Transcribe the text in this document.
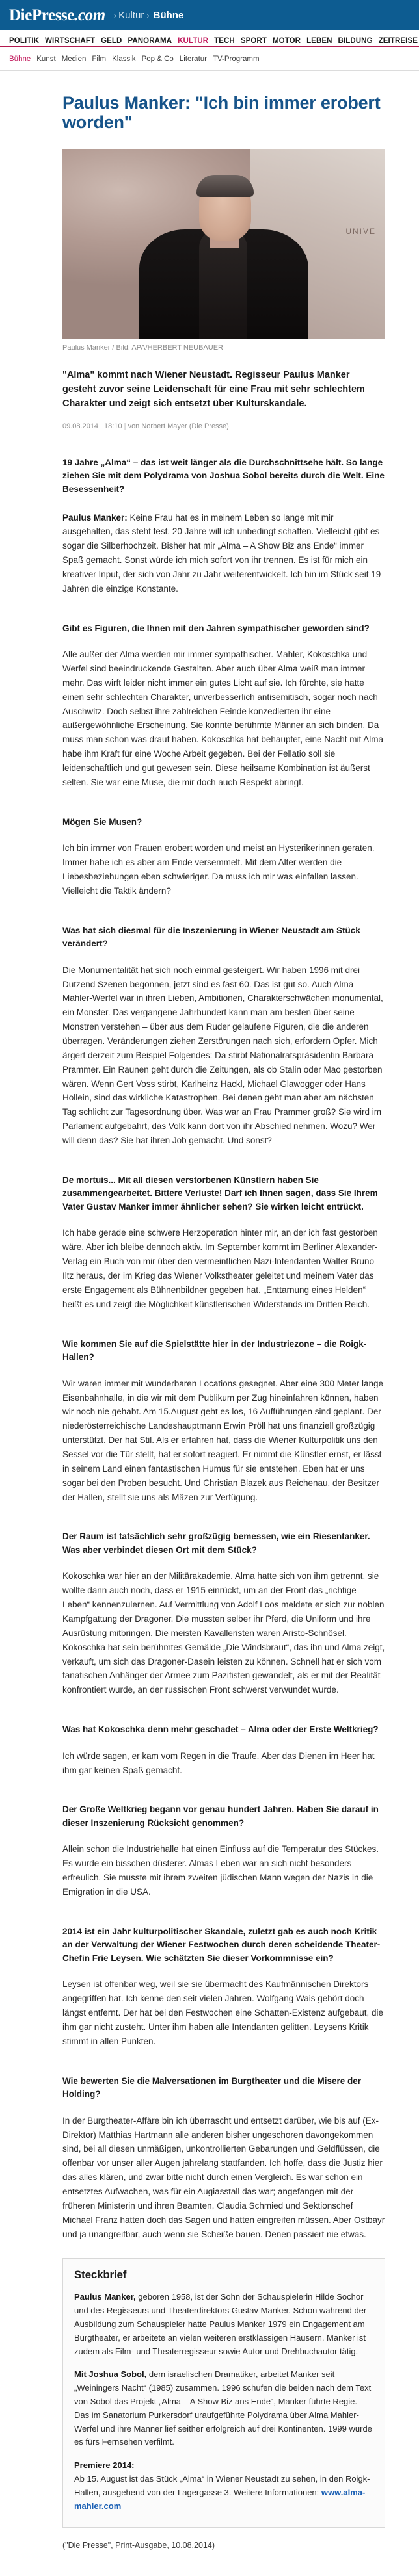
DiePresse.com › Kultur › Bühne
POLITIK WIRTSCHAFT GELD PANORAMA KULTUR TECH SPORT MOTOR LEBEN BILDUNG ZEITREISE
Bühne Kunst Medien Film Klassik Pop & Co Literatur TV-Programm
Paulus Manker: "Ich bin immer erobert worden"
UNIVE
Paulus Manker / Bild: APA/HERBERT NEUBAUER

"Alma" kommt nach Wiener Neustadt. Regisseur Paulus Manker gesteht zuvor seine Leidenschaft für eine Frau mit sehr schlechtem Charakter und zeigt sich entsetzt über Kulturskandale.

09.08.2014 | 18:10 | von Norbert Mayer (Die Presse)

19 Jahre „Alma“ – das ist weit länger als die Durchschnittsehe hält. So lange ziehen Sie mit dem Polydrama von Joshua Sobol bereits durch die Welt. Eine Besessenheit?

Paulus Manker: Keine Frau hat es in meinem Leben so lange mit mir ausgehalten, das steht fest. 20 Jahre will ich unbedingt schaffen. Vielleicht gibt es sogar die Silberhochzeit. Bisher hat mir „Alma – A Show Biz ans Ende“ immer Spaß gemacht. Sonst würde ich mich sofort von ihr trennen. Es ist für mich ein kreativer Input, der sich von Jahr zu Jahr weiterentwickelt. Ich bin im Stück seit 19 Jahren die einzige Konstante.

Gibt es Figuren, die Ihnen mit den Jahren sympathischer geworden sind?

Alle außer der Alma werden mir immer sympathischer. Mahler, Kokoschka und Werfel sind beeindruckende Gestalten. Aber auch über Alma weiß man immer mehr. Das wirft leider nicht immer ein gutes Licht auf sie. Ich fürchte, sie hatte einen sehr schlechten Charakter, unverbesserlich antisemitisch, sogar noch nach Auschwitz. Doch selbst ihre zahlreichen Feinde konzedierten ihr eine außergewöhnliche Erscheinung. Sie konnte berühmte Männer an sich binden. Da muss man schon was drauf haben. Kokoschka hat behauptet, eine Nacht mit Alma habe ihm Kraft für eine Woche Arbeit gegeben. Bei der Fellatio soll sie leidenschaftlich und gut gewesen sein. Diese heilsame Kombination ist äußerst selten. Sie war eine Muse, die mir doch auch Respekt abringt.

Mögen Sie Musen?

Ich bin immer von Frauen erobert worden und meist an Hysterikerinnen geraten. Immer habe ich es aber am Ende versemmelt. Mit dem Alter werden die Liebesbeziehungen eben schwieriger. Da muss ich mir was einfallen lassen. Vielleicht die Taktik ändern?

Was hat sich diesmal für die Inszenierung in Wiener Neustadt am Stück verändert?

Die Monumentalität hat sich noch einmal gesteigert. Wir haben 1996 mit drei Dutzend Szenen begonnen, jetzt sind es fast 60. Das ist gut so. Auch Alma Mahler-Werfel war in ihren Lieben, Ambitionen, Charakterschwächen monumental, ein Monster. Das vergangene Jahrhundert kann man am besten über seine Monstren verstehen – über aus dem Ruder gelaufene Figuren, die die anderen überragen. Veränderungen ziehen Zerstörungen nach sich, erfordern Opfer. Mich ärgert derzeit zum Beispiel Folgendes: Da stirbt Nationalratspräsidentin Barbara Prammer. Ein Raunen geht durch die Zeitungen, als ob Stalin oder Mao gestorben wären. Wenn Gert Voss stirbt, Karlheinz Hackl, Michael Glawogger oder Hans Hollein, sind das wirkliche Katastrophen. Bei denen geht man aber am nächsten Tag schlicht zur Tagesordnung über. Was war an Frau Prammer groß? Sie wird im Parlament aufgebahrt, das Volk kann dort von ihr Abschied nehmen. Wozu? Wer will denn das? Sie hat ihren Job gemacht. Und sonst?

De mortuis... Mit all diesen verstorbenen Künstlern haben Sie zusammengearbeitet. Bittere Verluste! Darf ich Ihnen sagen, dass Sie Ihrem Vater Gustav Manker immer ähnlicher sehen? Sie wirken leicht entrückt.

Ich habe gerade eine schwere Herzoperation hinter mir, an der ich fast gestorben wäre. Aber ich bleibe dennoch aktiv. Im September kommt im Berliner Alexander-Verlag ein Buch von mir über den vermeintlichen Nazi-Intendanten Walter Bruno Iltz heraus, der im Krieg das Wiener Volkstheater geleitet und meinem Vater das erste Engagement als Bühnenbildner gegeben hat. „Enttarnung eines Helden“ heißt es und zeigt die Möglichkeit künstlerischen Widerstands im Dritten Reich.

Wie kommen Sie auf die Spielstätte hier in der Industriezone – die Roigk-Hallen?

Wir waren immer mit wunderbaren Locations gesegnet. Aber eine 300 Meter lange Eisenbahnhalle, in die wir mit dem Publikum per Zug hineinfahren können, haben wir noch nie gehabt. Am 15.August geht es los, 16 Aufführungen sind geplant. Der niederösterreichische Landeshauptmann Erwin Pröll hat uns finanziell großzügig unterstützt. Der hat Stil. Als er erfahren hat, dass die Wiener Kulturpolitik uns den Sessel vor die Tür stellt, hat er sofort reagiert. Er nimmt die Künstler ernst, er lässt in seinem Land einen fantastischen Humus für sie entstehen. Eben hat er uns sogar bei den Proben besucht. Und Christian Blazek aus Reichenau, der Besitzer der Hallen, stellt sie uns als Mäzen zur Verfügung.

Der Raum ist tatsächlich sehr großzügig bemessen, wie ein Riesentanker. Was aber verbindet diesen Ort mit dem Stück?

Kokoschka war hier an der Militärakademie. Alma hatte sich von ihm getrennt, sie wollte dann auch noch, dass er 1915 einrückt, um an der Front das „richtige Leben“ kennenzulernen. Auf Vermittlung von Adolf Loos meldete er sich zur noblen Kampfgattung der Dragoner. Die mussten selber ihr Pferd, die Uniform und ihre Ausrüstung mitbringen. Die meisten Kavalleristen waren Aristo-Schnösel. Kokoschka hat sein berühmtes Gemälde „Die Windsbraut“, das ihn und Alma zeigt, verkauft, um sich das Dragoner-Dasein leisten zu können. Schnell hat er sich vom fanatischen Anhänger der Armee zum Pazifisten gewandelt, als er mit der Realität konfrontiert wurde, an der russischen Front schwerst verwundet wurde.

Was hat Kokoschka denn mehr geschadet – Alma oder der Erste Weltkrieg?

Ich würde sagen, er kam vom Regen in die Traufe. Aber das Dienen im Heer hat ihm gar keinen Spaß gemacht.

Der Große Weltkrieg begann vor genau hundert Jahren. Haben Sie darauf in dieser Inszenierung Rücksicht genommen?

Allein schon die Industriehalle hat einen Einfluss auf die Temperatur des Stückes. Es wurde ein bisschen düsterer. Almas Leben war an sich nicht besonders erfreulich. Sie musste mit ihrem zweiten jüdischen Mann wegen der Nazis in die Emigration in die USA.

2014 ist ein Jahr kulturpolitischer Skandale, zuletzt gab es auch noch Kritik an der Verwaltung der Wiener Festwochen durch deren scheidende Theater-Chefin Frie Leysen. Wie schätzten Sie dieser Vorkommnisse ein?

Leysen ist offenbar weg, weil sie sie übermacht des Kaufmännischen Direktors angegriffen hat. Ich kenne den seit vielen Jahren. Wolfgang Wais gehört doch längst entfernt. Der hat bei den Festwochen eine Schatten-Existenz aufgebaut, die ihm gar nicht zusteht. Unter ihm haben alle Intendanten gelitten. Leysens Kritik stimmt in allen Punkten.

Wie bewerten Sie die Malversationen im Burgtheater und die Misere der Holding?

In der Burgtheater-Affäre bin ich überrascht und entsetzt darüber, wie bis auf (Ex-Direktor) Matthias Hartmann alle anderen bisher ungeschoren davongekommen sind, bei all diesen unmäßigen, unkontrollierten Gebarungen und Geldflüssen, die offenbar vor unser aller Augen jahrelang stattfanden. Ich hoffe, dass die Justiz hier das alles klären, und zwar bitte nicht durch einen Vergleich. Es war schon ein entsetztes Aufwachen, was für ein Augiasstall das war; angefangen mit der früheren Ministerin und ihren Beamten, Claudia Schmied und Sektionschef Michael Franz hatten doch das Sagen und hatten eingreifen müssen. Aber Ostbayr und ja unangreifbar, auch wenn sie Scheiße bauen. Denen passiert nie etwas.

Steckbrief

Paulus Manker, geboren 1958, ist der Sohn der Schauspielerin Hilde Sochor und des Regisseurs und Theaterdirektors Gustav Manker. Schon während der Ausbildung zum Schauspieler hatte Paulus Manker 1979 ein Engagement am Burgtheater, er arbeitete an vielen weiteren erstklassigen Häusern. Manker ist zudem als Film- und Theaterregisseur sowie Autor und Drehbuchautor tätig.

Mit Joshua Sobol, dem israelischen Dramatiker, arbeitet Manker seit „Weiningers Nacht“ (1985) zusammen. 1996 schufen die beiden nach dem Text von Sobol das Projekt „Alma – A Show Biz ans Ende“, Manker führte Regie. Das im Sanatorium Purkersdorf uraufgeführte Polydrama über Alma Mahler-Werfel und ihre Männer lief seither erfolgreich auf drei Kontinenten. 1999 wurde es fürs Fernsehen verfilmt.

Premiere 2014:
Ab 15. August ist das Stück „Alma“ in Wiener Neustadt zu sehen, in den Roigk-Hallen, ausgehend von der Lagergasse 3. Weitere Informationen: www.alma-mahler.com

("Die Presse", Print-Ausgabe, 10.08.2014)
